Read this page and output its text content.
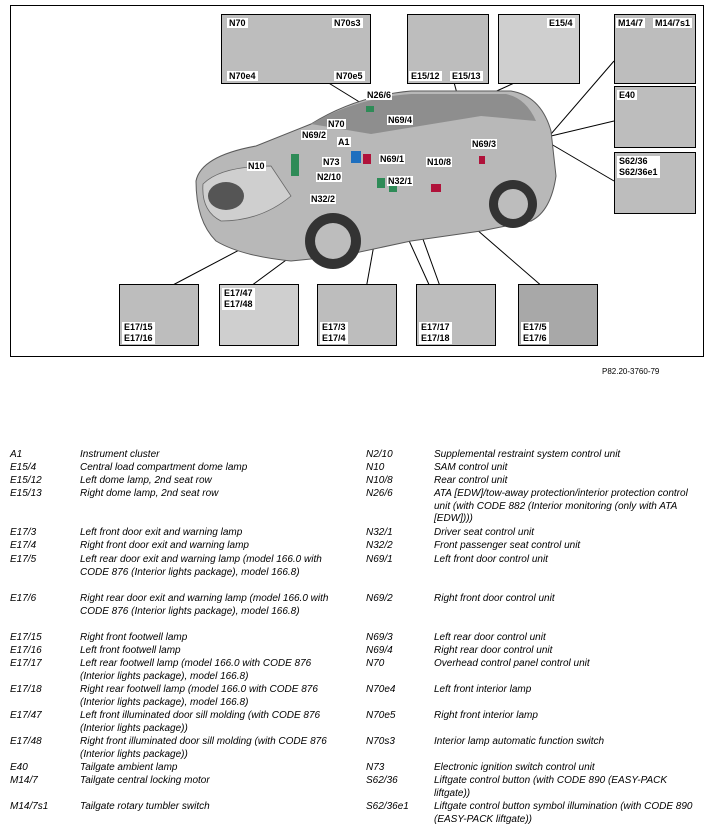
N26/6
N70
N69/2
A1
N69/4
N69/3
N10	N73	N69/1	N10/8
N2/10	N32/1
N32/2
N70	N70s3
N70e4	N70e5	E15/12 E15/13
E15/4	M14/7 M14/7s1
E40
S62/36
S62/36e1
E17/15
E17/16
E17/47
E17/48
E17/3
E17/4
E17/17
E17/18
E17/5
E17/6
P82.20-3760-79
A1	Instrument cluster
E15/4	Central load compartment dome lamp
E15/12	Left dome lamp, 2nd seat row
E15/13	Right dome lamp, 2nd seat row
E17/3	Left front door exit and warning lamp
E17/4	Right front door exit and warning lamp
E17/5	Left rear door exit and warning lamp (model 166.0 with CODE 876 (Interior lights package), model 166.8)
E17/6	Right rear door exit and warning lamp (model 166.0 with CODE 876 (Interior lights package), model 166.8)
E17/15	Right front footwell lamp
E17/16	Left front footwell lamp
E17/17	Left rear footwell lamp (model 166.0 with CODE 876 (Interior lights package), model 166.8)
E17/18	Right rear footwell lamp (model 166.0 with CODE 876 (Interior lights package), model 166.8)
E17/47	Left front illuminated door sill molding (with CODE 876 (Interior lights package))
E17/48	Right front illuminated door sill molding (with CODE 876 (Interior lights package))
E40	Tailgate ambient lamp
M14/7	Tailgate central locking motor
M14/7s1	Tailgate rotary tumbler switch
N2/10	Supplemental restraint system control unit
N10	SAM control unit
N10/8	Rear control unit
N26/6	ATA [EDW]/tow-away protection/interior protection control unit (with CODE 882 (Interior monitoring (only with ATA [EDW])))
N32/1	Driver seat control unit
N32/2	Front passenger seat control unit
N69/1	Left front door control unit
N69/2	Right front door control unit
N69/3	Left rear door control unit
N69/4	Right rear door control unit
N70	Overhead control panel control unit
N70e4	Left front interior lamp
N70e5	Right front interior lamp
N70s3	Interior lamp automatic function switch
N73	Electronic ignition switch control unit
S62/36	Liftgate control button (with CODE 890 (EASY-PACK liftgate))
S62/36e1	Liftgate control button symbol illumination (with CODE 890 (EASY-PACK liftgate))
